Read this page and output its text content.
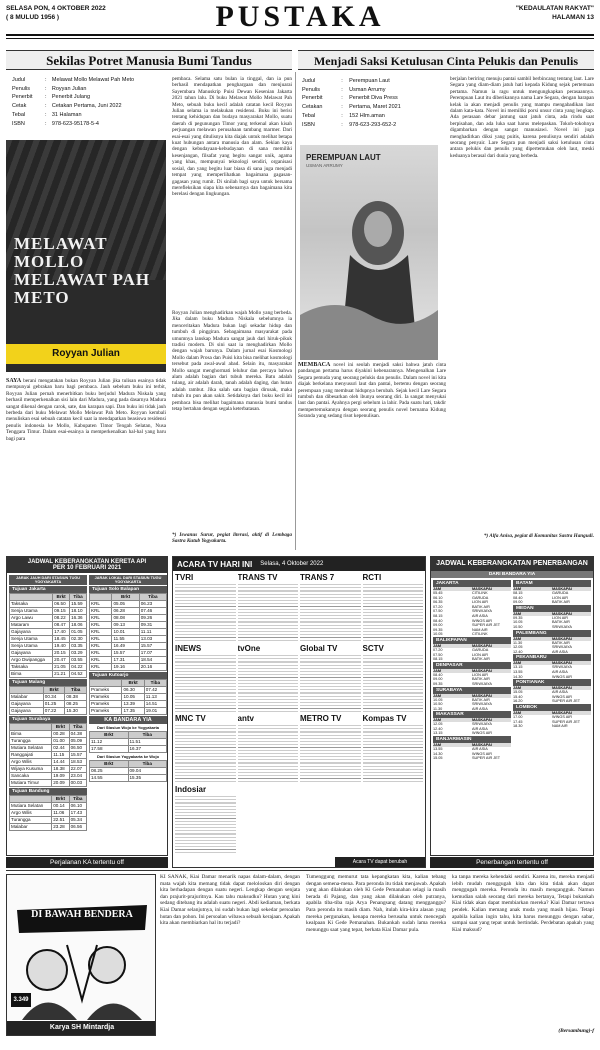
SELASA PON, 4 OKTOBER 2022
( 8 MULUD 1956 )	PUSTAKA	"KEDAULATAN RAKYAT"
HALAMAN 13
Sekilas Potret Manusia Bumi Tandus
Judul	:	Melawat Mollo Melawat Pah Meto
Penulis	:	Royyan Julian
Penerbit	:	Penerbit Julang
Cetak	:	Cetakan Pertama, Juni 2022
Tebal	:	31 Halaman
ISBN	:	978-623-95178-5-4
MELAWAT MOLLO MELAWAT PAH METO
Royyan Julian
SAYA berani mengatakan bukan Royyan Julian jika tulisan esainya tidak mempunyai gebrakan baru bagi pembaca. Jauh sebelum buku ini terbit, Royyan Julian pernah menerbitkan buku berjudul Madura Niskala yang berhasil memperkenalkan sisi lain dari Madura, yang pada dasarnya Madura sangat dikenal dengan carok, sate, dan karapan sapi. Dan buku ini tidak jauh berbeda dari buku Melawat Mollo Melawat Pah Meto. Royyan kembali menuliskan esai sebuah catatan kecil saat ia mendapatkan beasiswa residensi penulis indonesia ke Mollo, Kabupaten Timor Tengah Selatan, Nusa Tenggara Timur. Dalam esai-esainya ia memperkenalkan hal-hal yang baru bagi para
pembaca. Selama satu bulan ia tinggal, dan ia pun berhasil mendapatkan penghargaan dan menjuarai Sayembara Manuskrip Puisi Dewan Kesenian Jakarta 2021 tahun lalu. Di buku Melawat Mollo Melawat Pah Meto, sebuah buku kecil adalah catatan kecil Royyan Julian selama ia melakukan residensi. Buku ini berisi tentang kehidupan dan budaya masyarakat Mollo, suatu daerah di pegunungan Timor yang terkenal akan kisah perjuangan melawan perusahaan tambang marmer. Dari esai-esai yang ditulisnya kita diajak untuk melihat betapa kuat hubungan antara manusia dan alam. Sekian kaya dengan kebudayaan-kebudayaan di sana memiliki kesenjangan, filsafat yang begitu sangat unik, agama yang khas, mempunyai teknologi sendiri, organisasi sosial, dan yang begitu luar biasa di sana juga menjadi tempat yang memperlihatkan bagaimana gagasan-gagasan yang rumit. Di sinilah bagi saya untuk bersama merefleksikan siapa kita sebenarnya dan bagaimana kita berelasi dengan lingkungan.
Royyan Julian menghadirkan wajah Mollo yang berbeda. Jika dalam buku Madura Niskala sebelumnya ia menceritakan Madura bukan lagi sekadar hidup dan tumbuh di pinggiran. Sebagaimana masyarakat pada umumnya lanskap Madura sangat jauh dari hiruk-pikuk tradisi modern. Di sini saat ia menghadirkan Mollo dengan wajah barunya. Dalam jurnal esai Kosmologi Mollo dalam Prosa dan Puisi kita bisa melihat kosmologi tersebut pada awal-awal abad. Selain itu, masyarakat Mollo sangat menghormati leluhur dan percaya bahwa alam adalah bagian dari tubuh mereka. Batu adalah tulang, air adalah darah, tanah adalah daging, dan hutan adalah rambut. Jika salah satu bagian dirusak, maka tubuh itu pun akan sakit. Setidaknya dari buku kecil ini pembaca bisa melihat bagaimana manusia bumi tandus tetap bertahan dengan segala keterbatasan.
*) Iswanus Surur, pegiat literasi, aktif di Lembaga Sastra Kutub Yogyakarta.
Menjadi Saksi Ketulusan Cinta Pelukis dan Penulis
Judul	:	Perempuan Laut
Penulis	:	Usman Arrumy
Penerbit	:	Penerbit Diva Press
Cetakan	:	Pertama, Maret 2021
Tebal	:	152 Hlm.aman
ISBN	:	978-623-293-652-2
PEREMPUAN LAUT
USMAN ARRUMY
MEMBACA novel ini seolah menjadi saksi bahwa jatuh cinta pandangan pertama harus diyakini kebenarannya. Mengenalkan Lare Segara pemuda yang seorang pelukis dan penulis. Dalam novel ini kita diajak berkelana menyusuri laut dan pantai, bertemu dengan seorang perempuan yang membuat hidupnya berubah. Sejak kecil Lare Segara tumbuh dan dibesarkan oleh ibunya seorang diri. Ia sangat menyukai laut dan pantai. Ayahnya pergi sebelum ia lahir. Pada suatu hari, takdir mempertemukannya dengan seorang penulis novel bernama Kidung Soranda yang sedang risot kepenulisan.
berjalan beriring menuju pantai sambil berbincang tentang laut. Lare Segara yang diam-diam jatuh hati kepada Kidung sejak pertemuan pertama. Namun ia ragu untuk mengungkapkan perasaannya. Perempuan Laut itu diberikannya nama Lare Segara, dengan harapan kelak ia akan menjadi penulis yang mampu mengabadikan laut dalam kata-kata. Novel ini memiliki porsi unsur cinta yang lengkap. Ada perasaan debar jantung saat jatuh cinta, ada rindu saat berpisahan, dan ada luka saat harus melepaskan. Tokoh-tokohnya digambarkan dengan sangat manusiawi. Novel ini juga menghadirkan diksi yang puitis, karena penulisnya sendiri adalah seorang penyair. Lare Segara pun menjadi saksi ketulusan cinta antara pelukis dan penulis yang dipertemukan oleh laut, meski keduanya berasal dari dunia yang berbeda.
*) Alfa Anisa, pegiat di Komunitas Sastra Hangudi.
JADWAL KEBERANGKATAN KERETA API
PER 10 FEBRUARI 2021
JARAK JAUH DARI STASIUN TUGU YOGYAKARTA
Tujuan Jakarta
	Brkt	Tiba
Taksaka	06.50	15.59
Senja Utama	09.15	18.10
Argo Lawu	08.22	16.36
Mataram	08.47	18.06
Gajayana	17.40	01.05
Senja Utama	18.45	02.30
Senja Utama	19.40	03.35
Gajayana	20.15	03.29
Argo Dwipangga	20.47	03.55
Taksaka	21.05	04.22
Bima	21.21	04.52
Tujuan Malang
	Brkt	Tiba
Malabar	00.34	08.38
Gajayana	01.25	08.25
Gajayana	07.22	15.30
Tujuan Surabaya
	Brkt	Tiba
Bima	00.28	04.38
Turangga	01.00	05.09
Mutiara Selatan	02.44	06.50
Ranggajati	11.15	15.57
Argo Wilis	14.44	18.53
Wijaya Kusuma	18.38	22.07
Sancaka	19.09	23.04
Mutiara Timur	20.09	00.03
Tujuan Bandung
	Brkt	Tiba
Mutiara Selatan	00.14	06.10
Argo Wilis	11.06	17.43
Turangga	22.51	05.34
Malabar	23.28	06.56
JARAK LOKAL DARI STASIUN TUGU YOGYAKARTA
Tujuan Solo Balapan
	Brkt	Tiba
KRL	05.05	06.23
KRL	06.28	07.46
KRL	08.08	09.26
KRL	09.13	09.31
KRL	10.01	11.11
KRL	11.55	13.03
KRL	16.49	15.57
KRL	15.57	17.07
KRL	17.31	18.54
KRL	19.16	20.16
Tujuan Kutoarjo
	Brkt	Tiba
Prameks	06.30	07.42
Prameks	10.05	11.13
Prameks	13.39	14.51
Prameks	17.35	19.01
KA BANDARA YIA
Dari Stasiun Wojo ke Yogyakarta
Brkt	Tiba
11.12	11.51
17.58	16.37
Dari Stasiun Yogyakarta ke Wojo
Brkt	Tiba
08.25	09.04
14.55	15.35
Perjalanan KA tertentu off
ACARA TV HARI INI Selasa, 4 Oktober 2022
TVRI	TRANS TV	TRANS 7	RCTI
INEWS	tvOne	Global TV	SCTV
MNC TV	antv	METRO TV	Kompas TV
Indosiar
Acara TV dapat berubah
JADWAL KEBERANGKATAN PENERBANGAN
DARI BANDARA YIA
JAKARTA
JAM	MASKAPAI
05.45	CITILINK
06.10	GARUDA
06.35	LION AIR
07.20	BATIK AIR
07.50	SRIWIJAYA
08.15	AIR ASIA
08.40	WINGS AIR
09.00	SUPER AIR JET
09.35	NAM AIR
10.05	CITILINK
BALIKPAPAN
JAM	MASKAPAI
07.20	GARUDA
07.50	LION AIR
08.15	BATIK AIR
DENPASAR
JAM	MASKAPAI
08.40	LION AIR
09.00	BATIK AIR
09.35	SRIWIJAYA
SURABAYA
JAM	MASKAPAI
10.05	BATIK AIR
10.50	SRIWIJAYA
11.30	AIR ASIA
MAKASSAR
JAM	MASKAPAI
12.05	SRIWIJAYA
12.40	AIR ASIA
13.15	WINGS AIR
BANJARMASIN
JAM	MASKAPAI
13.55	AIR ASIA
14.30	WINGS AIR
15.05	SUPER AIR JET
BATAM
JAM	MASKAPAI
08.15	GARUDA
08.40	LION AIR
09.00	BATIK AIR
MEDAN
JAM	MASKAPAI
09.35	LION AIR
10.05	BATIK AIR
10.50	SRIWIJAYA
PALEMBANG
JAM	MASKAPAI
11.30	BATIK AIR
12.05	SRIWIJAYA
12.40	AIR ASIA
PEKANBARU
JAM	MASKAPAI
13.15	SRIWIJAYA
13.55	AIR ASIA
14.30	WINGS AIR
PONTIANAK
JAM	MASKAPAI
15.05	AIR ASIA
15.40	WINGS AIR
16.20	SUPER AIR JET
LOMBOK
JAM	MASKAPAI
17.00	WINGS AIR
17.45	SUPER AIR JET
18.30	NAM AIR
Penerbangan tertentu off
DI BAWAH BENDERA
3.349
Karya SH Mintardja
KI SANAK, Kiai Damar menarik napas dalam-dalam, dengan mata wajah kita memang tidak dapat meloloskan diri dengan kita berhadapan dengan suatu negeri. Lengkap dengan senjata dan prajurit-prajuritnya. Kau tahu maksudku? Hutan yang kini sedang ditebang itu adalah suatu negeri. Abdi kediaman, berkata Kiai Damar selanjutnya, ini sudah bukan lagi sekedar persoalan hutan dan pohon. Ini persoalan wibawa sebuah kerajaan. Apakah kita akan membiarkan hal itu terjadi?
Tumenggung memurut tata kepangkatan kita, kalian tebang dengan semena-mena. Para peronda itu tidak menjawab. Apakah yang akan dilakukan oleh Ki Gede Pemanahan selagi ia masih berada di Pajang, dan yang akan dilakukan oleh putranya, apabila tiba-tiba raja Arya Penangsang datang mengganggu? Para peronda itu masih diam. Nah, itulah kira-kira alasan yang mereka pergunakan, kenapa mereka berusaha untuk mencegah kealpaan Ki Gede Pemanahan. Bukankah sudah lama mereka menunggu saat yang tepat, berkata Kiai Damar pula.
ka tanpa mereka kehendaki sendiri. Karena itu, mereka menjadi lebih mudah menggugah kita dan kita tidak akan dapat menggugah mereka. Peronda itu masih mengangguk. Namun kemudian salah seorang dari mereka bertanya, Tetapi bukankah Kiai tidak akan dapat membiarkan mereka? Kiai Damar tertawa pendek. Kalian memang anak muda yang masih hijau. Tetapi apabila kalian ingin tahu, kita harus menunggu dengan sabar, sampai saat yang tepat untuk bertindak. Perdebatan apakah yang Kiai maksud?
(Bersambung)-f
